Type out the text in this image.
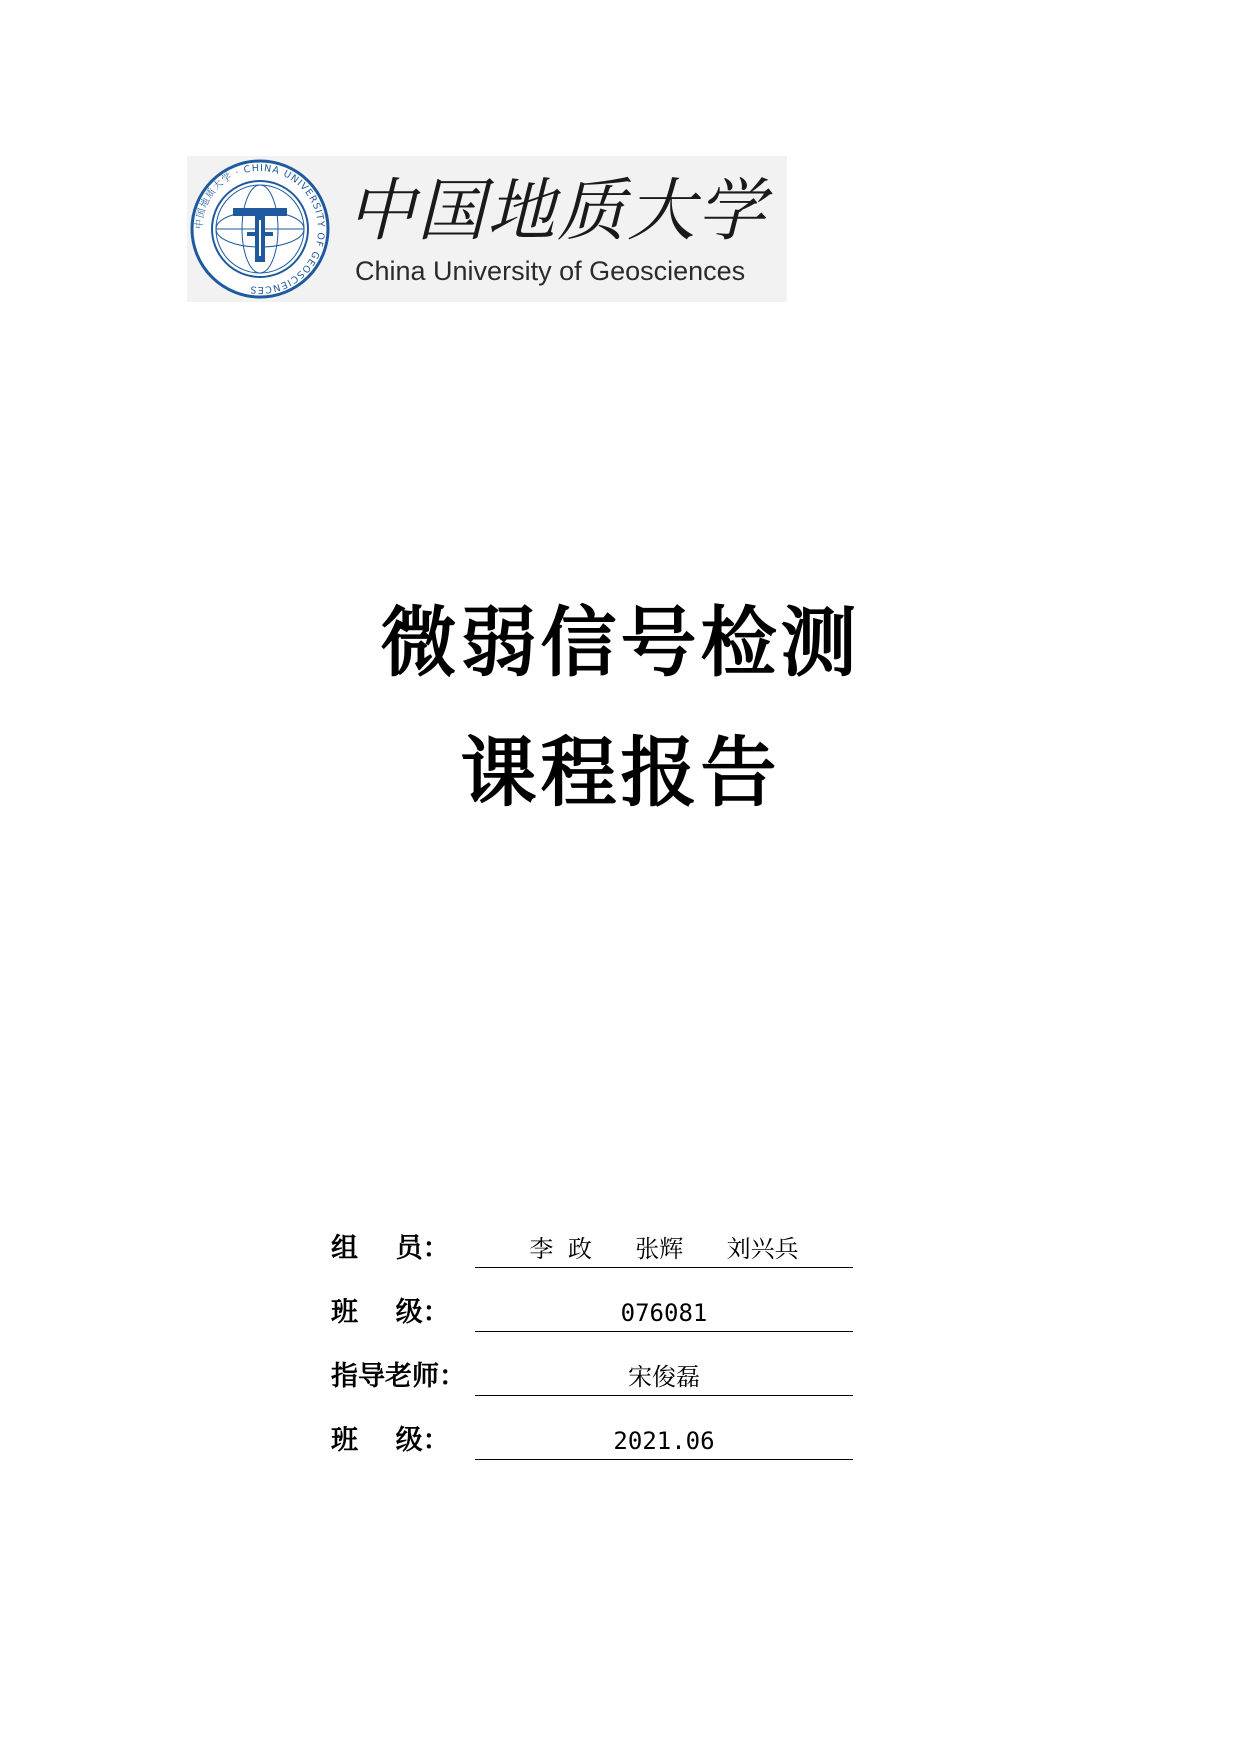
中国地质大学 · CHINA UNIVERSITY OF GEOSCIENCES
中国地质大学
China University of Geosciences
微弱信号检测
课程报告
组    员：	李 政   张辉   刘兴兵
班    级：	076081
指导老师：	宋俊磊
班    级：	2021.06
